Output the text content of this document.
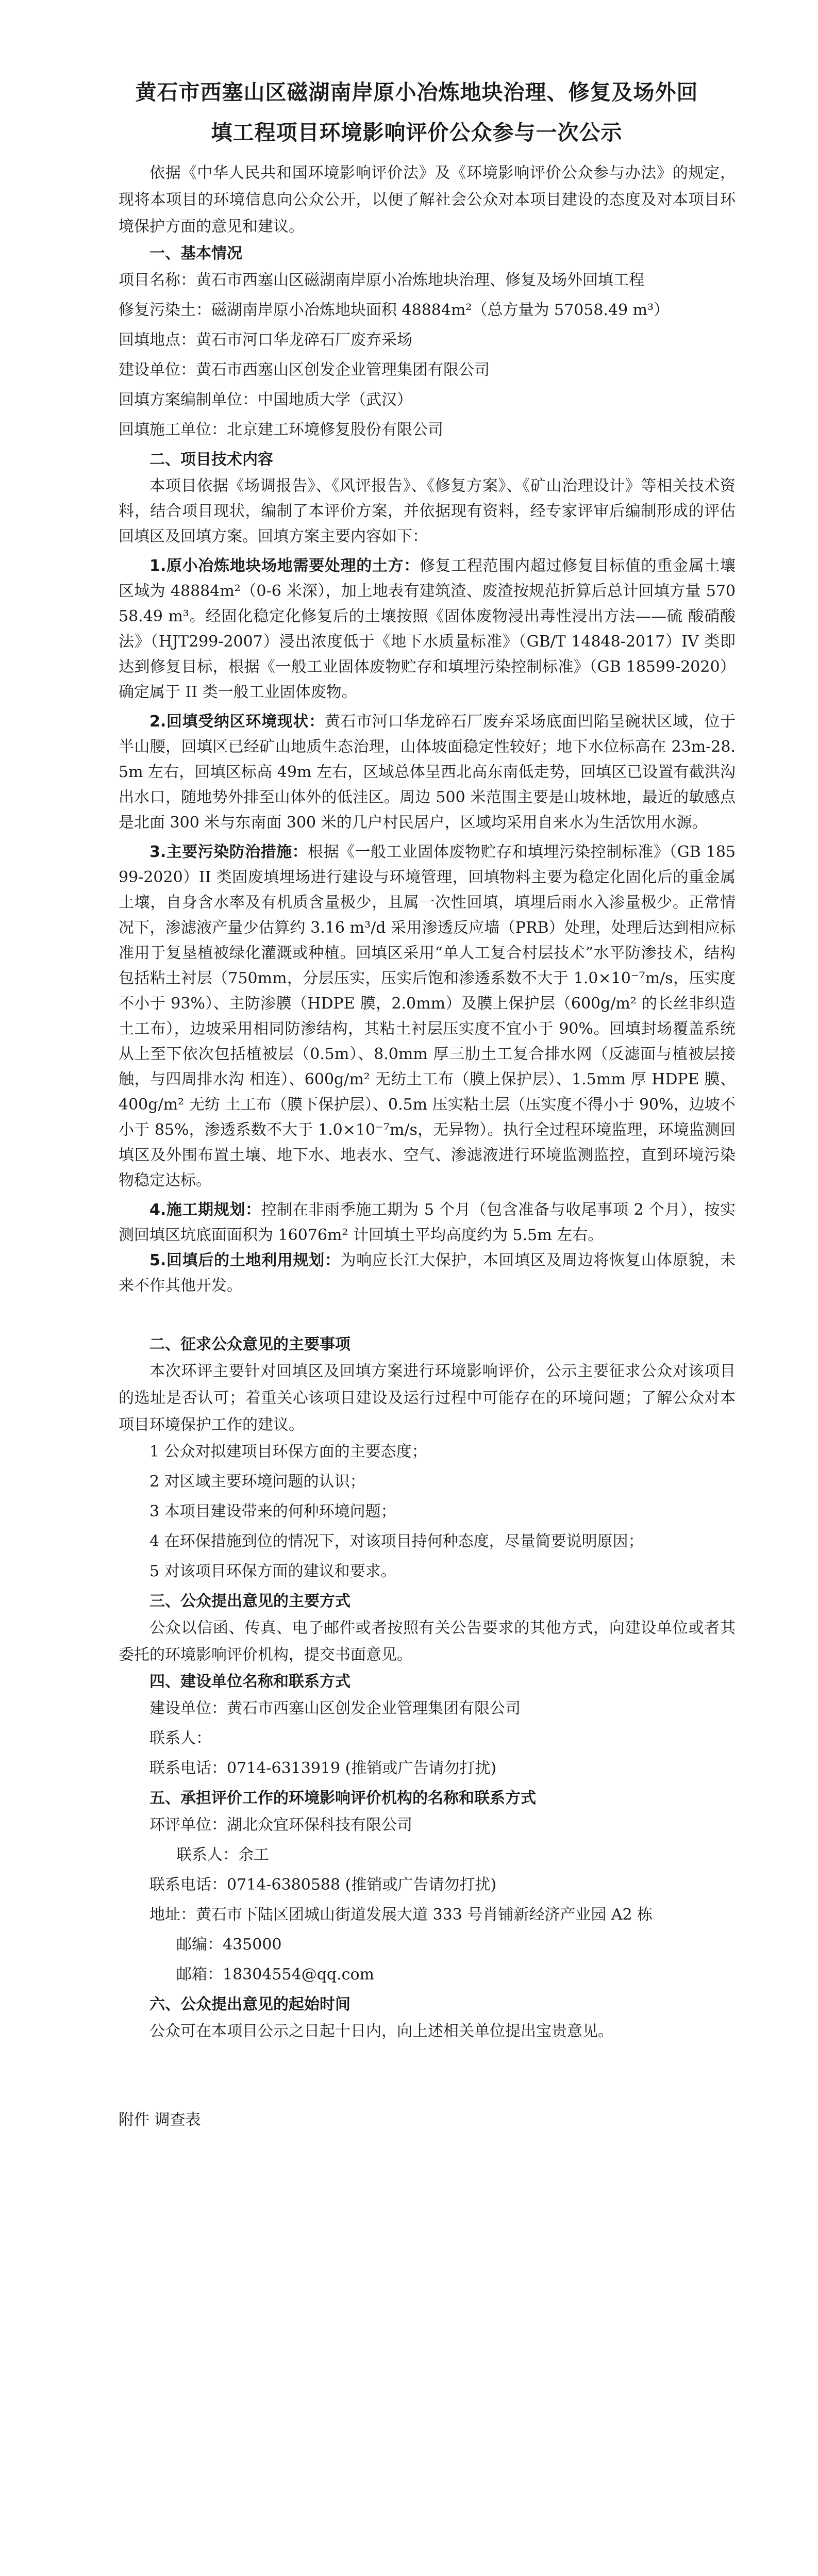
黄石市西塞山区磁湖南岸原小冶炼地块治理、修复及场外回
填工程项目环境影响评价公众参与一次公示

依据《中华人民共和国环境影响评价法》及《环境影响评价公众参与办法》的规定，现将本项目的环境信息向公众公开，以便了解社会公众对本项目建设的态度及对本项目环境保护方面的意见和建议。

一、基本情况

项目名称：黄石市西塞山区磁湖南岸原小冶炼地块治理、修复及场外回填工程

修复污染土：磁湖南岸原小冶炼地块面积 48884m²（总方量为 57058.49 m³）

回填地点：黄石市河口华龙碎石厂废弃采场

建设单位：黄石市西塞山区创发企业管理集团有限公司

回填方案编制单位：中国地质大学（武汉）

回填施工单位：北京建工环境修复股份有限公司

二、项目技术内容

本项目依据《场调报告》、《风评报告》、《修复方案》、《矿山治理设计》等相关技术资料，结合项目现状，编制了本评价方案，并依据现有资料，经专家评审后编制形成的评估回填区及回填方案。回填方案主要内容如下：

1.原小冶炼地块场地需要处理的土方：修复工程范围内超过修复目标值的重金属土壤区域为 48884m²（0-6 米深），加上地表有建筑渣、废渣按规范折算后总计回填方量 57058.49 m³。经固化稳定化修复后的土壤按照《固体废物浸出毒性浸出方法——硫 酸硝酸法》（HJT299-2007）浸出浓度低于《地下水质量标准》（GB/T 14848-2017）IV 类即达到修复目标，根据《一般工业固体废物贮存和填埋污染控制标准》（GB 18599-2020）确定属于 II 类一般工业固体废物。

2.回填受纳区环境现状：黄石市河口华龙碎石厂废弃采场底面凹陷呈碗状区域，位于半山腰，回填区已经矿山地质生态治理，山体坡面稳定性较好；地下水位标高在 23m-28.5m 左右，回填区标高 49m 左右，区域总体呈西北高东南低走势，回填区已设置有截洪沟出水口，随地势外排至山体外的低洼区。周边 500 米范围主要是山坡林地，最近的敏感点是北面 300 米与东南面 300 米的几户村民居户，区域均采用自来水为生活饮用水源。

3.主要污染防治措施：根据《一般工业固体废物贮存和填埋污染控制标准》（GB 18599-2020）II 类固废填埋场进行建设与环境管理，回填物料主要为稳定化固化后的重金属土壤，自身含水率及有机质含量极少，且属一次性回填，填埋后雨水入渗量极少。正常情况下，渗滤液产量少估算约 3.16 m³/d 采用渗透反应墙（PRB）处理，处理后达到相应标准用于复垦植被绿化灌溉或种植。回填区采用“单人工复合村层技术”水平防渗技术，结构包括粘土衬层（750mm，分层压实，压实后饱和渗透系数不大于 1.0×10⁻⁷m/s，压实度不小于 93%）、主防渗膜（HDPE 膜，2.0mm）及膜上保护层（600g/m² 的长丝非织造土工布），边坡采用相同防渗结构，其粘土衬层压实度不宜小于 90%。回填封场覆盖系统从上至下依次包括植被层（0.5m）、8.0mm 厚三肋土工复合排水网（反滤面与植被层接触，与四周排水沟 相连）、600g/m² 无纺土工布（膜上保护层）、1.5mm 厚 HDPE 膜、400g/m² 无纺 土工布（膜下保护层）、0.5m 压实粘土层（压实度不得小于 90%，边坡不小于 85%，渗透系数不大于 1.0×10⁻⁷m/s，无异物）。执行全过程环境监理，环境监测回填区及外围布置土壤、地下水、地表水、空气、渗滤液进行环境监测监控，直到环境污染物稳定达标。

4.施工期规划：控制在非雨季施工期为 5 个月（包含准备与收尾事项 2 个月），按实测回填区坑底面面积为 16076m² 计回填土平均高度约为 5.5m 左右。

5.回填后的土地利用规划：为响应长江大保护，本回填区及周边将恢复山体原貌，未来不作其他开发。

二、征求公众意见的主要事项

本次环评主要针对回填区及回填方案进行环境影响评价，公示主要征求公众对该项目的选址是否认可；着重关心该项目建设及运行过程中可能存在的环境问题；了解公众对本项目环境保护工作的建议。

1 公众对拟建项目环保方面的主要态度；

2 对区域主要环境问题的认识；

3 本项目建设带来的何种环境问题；

4 在环保措施到位的情况下，对该项目持何种态度，尽量简要说明原因；

5 对该项目环保方面的建议和要求。

三、公众提出意见的主要方式

公众以信函、传真、电子邮件或者按照有关公告要求的其他方式，向建设单位或者其委托的环境影响评价机构，提交书面意见。

四、建设单位名称和联系方式

建设单位：黄石市西塞山区创发企业管理集团有限公司

联系人：

联系电话：0714-6313919 (推销或广告请勿打扰)

五、承担评价工作的环境影响评价机构的名称和联系方式

环评单位：湖北众宜环保科技有限公司

联系人：余工

联系电话：0714-6380588 (推销或广告请勿打扰)

地址：黄石市下陆区团城山街道发展大道 333 号肖铺新经济产业园 A2 栋

邮编：435000

邮箱：18304554@qq.com

六、公众提出意见的起始时间

公众可在本项目公示之日起十日内，向上述相关单位提出宝贵意见。

附件 调查表
